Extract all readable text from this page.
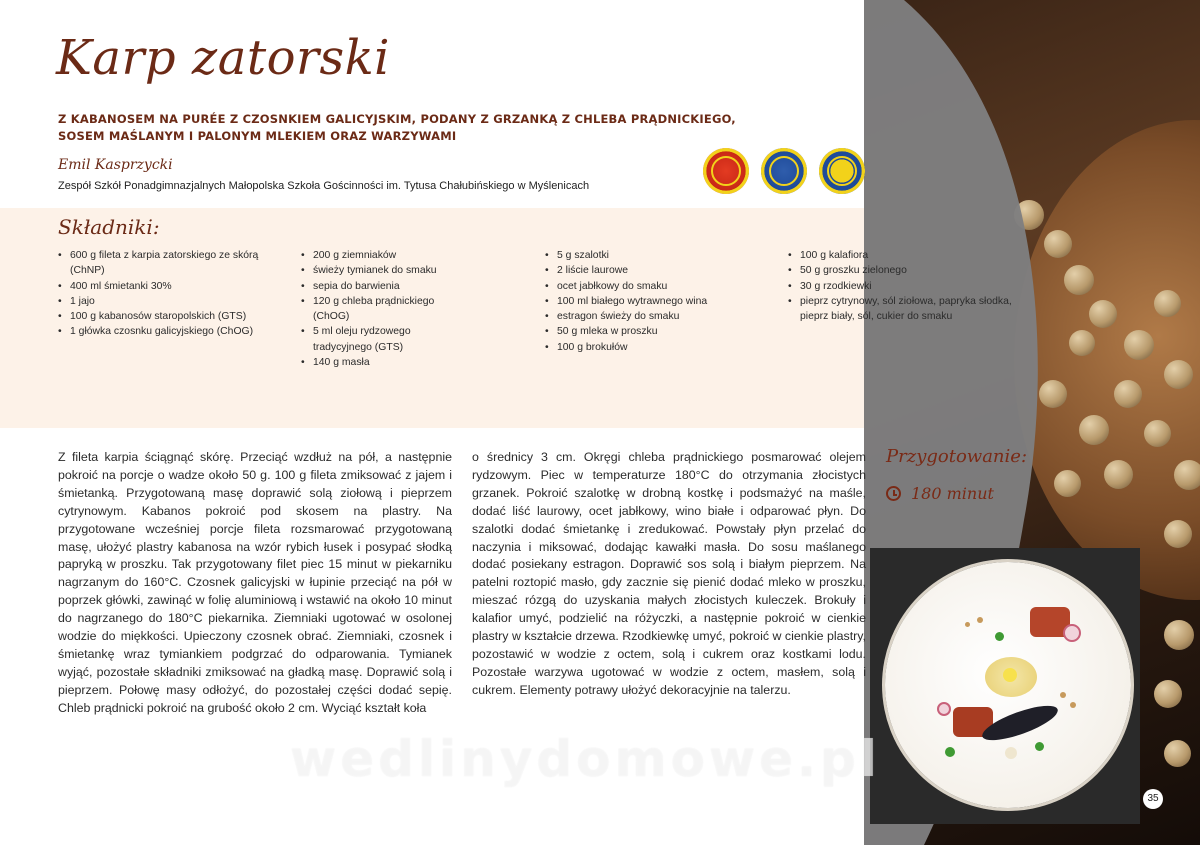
35
Karp zatorski
Z KABANOSEM NA PURÉE Z CZOSNKIEM GALICYJSKIM, PODANY Z GRZANKĄ Z CHLEBA PRĄDNICKIEGO,
SOSEM MAŚLANYM I PALONYM MLEKIEM ORAZ WARZYWAMI
Emil Kasprzycki
Zespół Szkół Ponadgimnazjalnych Małopolska Szkoła Gościnności im. Tytusa Chałubińskiego w Myślenicach
Składniki:
• 600 g fileta z karpia zatorskiego ze skórą (ChNP)
• 400 ml śmietanki 30%
• 1 jajo
• 100 g kabanosów staropolskich (GTS)
• 1 główka czosnku galicyjskiego (ChOG)
• 200 g ziemniaków
• świeży tymianek do smaku
• sepia do barwienia
• 120 g chleba prądnickiego (ChOG)
• 5 ml oleju rydzowego tradycyjnego (GTS)
• 140 g masła
• 5 g szalotki
• 2 liście laurowe
• ocet jabłkowy do smaku
• 100 ml białego wytrawnego wina
• estragon świeży do smaku
• 50 g mleka w proszku
• 100 g brokułów
• 100 g kalafiora
• 50 g groszku zielonego
• 30 g rzodkiewki
• pieprz cytrynowy, sól ziołowa, papryka słodka, pieprz biały, sól, cukier do smaku
Z fileta karpia ściągnąć skórę. Przeciąć wzdłuż na pół, a następnie pokroić na porcje o wadze około 50 g. 100 g fileta zmiksować z jajem i śmietanką. Przygotowaną masę doprawić solą ziołową i pieprzem cytrynowym. Kabanos pokroić pod skosem na plastry. Na przygotowane wcześniej porcje fileta rozsmarować przygotowaną masę, ułożyć plastry kabanosa na wzór rybich łusek i posypać słodką papryką w proszku. Tak przygotowany filet piec 15 minut w piekarniku nagrzanym do 160°C. Czosnek galicyjski w łupinie przeciąć na pół w poprzek główki, zawinąć w folię aluminiową i wstawić na około 10 minut do nagrzanego do 180°C piekarnika. Ziemniaki ugotować w osolonej wodzie do miękkości. Upieczony czosnek obrać. Ziemniaki, czosnek i śmietankę wraz tymiankiem podgrzać do odparowania. Tymianek wyjąć, pozostałe składniki zmiksować na gładką masę. Doprawić solą i pieprzem. Połowę masy odłożyć, do pozostałej części dodać sepię. Chleb prądnicki pokroić na grubość około 2 cm. Wyciąć kształt koła
o średnicy 3 cm. Okręgi chleba prądnickiego posmarować olejem rydzowym. Piec w temperaturze 180°C do otrzymania złocistych grzanek. Pokroić szalotkę w drobną kostkę i podsmażyć na maśle, dodać liść laurowy, ocet jabłkowy, wino białe i odparować płyn. Do szalotki dodać śmietankę i zredukować. Powstały płyn przelać do naczynia i miksować, dodając kawałki masła. Do sosu maślanego dodać posiekany estragon. Doprawić sos solą i białym pieprzem. Na patelni roztopić masło, gdy zacznie się pienić dodać mleko w proszku, mieszać rózgą do uzyskania małych złocistych kuleczek. Brokuły i kalafior umyć, podzielić na różyczki, a następnie pokroić w cienkie plastry w kształcie drzewa. Rzodkiewkę umyć, pokroić w cienkie plastry, pozostawić w wodzie z octem, solą i cukrem oraz kostkami lodu. Pozostałe warzywa ugotować w wodzie z octem, masłem, solą i cukrem. Elementy potrawy ułożyć dekoracyjnie na talerzu.
Przygotowanie:
180 minut
wedlinydomowe.pl
